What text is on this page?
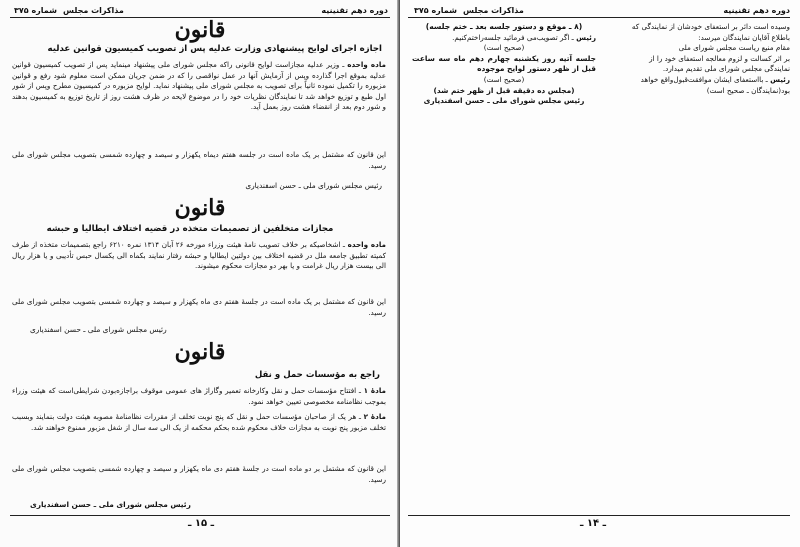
دوره دهم تقنینیه
مذاکرات مجلس
شماره ۳۷۵
قانون
اجازه اجرای لوایح پیشنهادی وزارت عدلیه پس از تصویب کمیسیون قوانین عدلیه

ماده واحده ـ وزیر عدلیه مجازاست لوایح قانونی راکه مجلس شورای ملی پیشنهاد مینماید پس از تصویب کمیسیون قوانین عدلیه بموقع اجرا گذارده وپس از آزمایش آنها در عمل نواقصی را که در ضمن جریان ممکن است معلوم شود رفع و قوانین مزبوره را تکمیل نموده ثانیاً برای تصویب به مجلس شورای ملی پیشنهاد نماید. لوایح مزبوره در کمیسیون مطرح وپس از شور اول طبع و توزیع خواهد شد تا نمایندگان نظریات خود را در موضوع لایحه در ظرف هشت روز از تاریخ توزیع به کمیسیون بدهند و شور دوم بعد از انقضاء هشت روز بعمل آید.

این قانون که مشتمل بر یک ماده است در جلسه هفتم دیماه یکهزار و سیصد و چهارده شمسی بتصویب مجلس شورای ملی رسید.

رئیس مجلس شورای ملی ـ حسن اسفندیاری
قانون
مجازات متخلفین از تصمیمات متخذه در قضیه اختلاف ایطالیا و حبشه

ماده واحده ـ اشخاصیکه بر خلاف تصویب نامهٔ هیئت وزراء مورخه ۲۶ آبان ۱۳۱۴ نمره ۶۲۱۰ راجع بتصمیمات متخذه از طرف کمیته تطبیق جامعه ملل در قضیه اختلاف بین دولتین ایطالیا و حبشه رفتار نمایند بکماه الی یکسال حبس تأدیبی و یا هزار ریال الی بیست هزار ریال غرامت و یا بهر دو مجازات محکوم میشوند.

این قانون که مشتمل بر یک ماده است در جلسهٔ هفتم دی ماه یکهزار و سیصد و چهارده شمسی بتصویب مجلس شورای ملی رسید.

رئیس مجلس شورای ملی ـ حسن اسفندیاری
قانون
راجع به مؤسسات حمل و نقل

مادهٔ ۱ ـ افتتاح مؤسسات حمل و نقل وکارخانه تعمیر وگاراژ های عمومی موقوف براجازه‌بودن شرایطی‌است که هیئت وزراء بموجب نظامنامه مخصوصی تعیین خواهد نمود.

مادهٔ ۲ ـ هر یک از صاحبان مؤسسات حمل و نقل که پنج نوبت تخلف از مقررات نظامنامهٔ مصوبه هیئت دولت بنمایند وبسبب تخلف مزبور پنج نوبت به مجازات خلاف محکوم شده بحکم محکمه از یک الی سه سال از شغل مزبور ممنوع خواهند شد.

این قانون که مشتمل بر دو ماده است در جلسهٔ هفتم دی ماه یکهزار و سیصد و چهارده شمسی بتصویب مجلس شورای ملی رسید.

رئیس مجلس شورای ملی ـ حسن اسفندیاری
ـ ۱۵ ـ
دوره دهم تقنینیه
مذاکرات مجلس
شماره ۳۷۵
وسیده است دائر بر استعفای خودشان از نمایندگی که
باطلاع آقایان نمایندگان میرسد:
مقام منیع ریاست مجلس شورای ملی
بر اثر کسالت و لزوم معالجه استعفای خود را از
نمایندگی مجلس شورای ملی تقدیم میدارد.
رئیس ـ بااستعفای ایشان موافقت‌قبول‌واقع خواهد
بود(نمایندگان ـ صحیح است)
(۸ ـ موقع و دستور جلسه بعد ـ ختم جلسه)
رئیس ـ اگر تصویب‌می فرمائید جلسه‌راختم‌کنیم.
(صحیح است)
جلسه آتیه روز یکشنبه چهارم دهم ماه سه ساعت قبل از ظهر دستور لوایح موجوده
(صحیح است)
(مجلس ده دقیقه قبل از ظهر ختم شد)
رئیس مجلس شورای ملی ـ حسن اسفندیاری
ـ ۱۴ ـ
